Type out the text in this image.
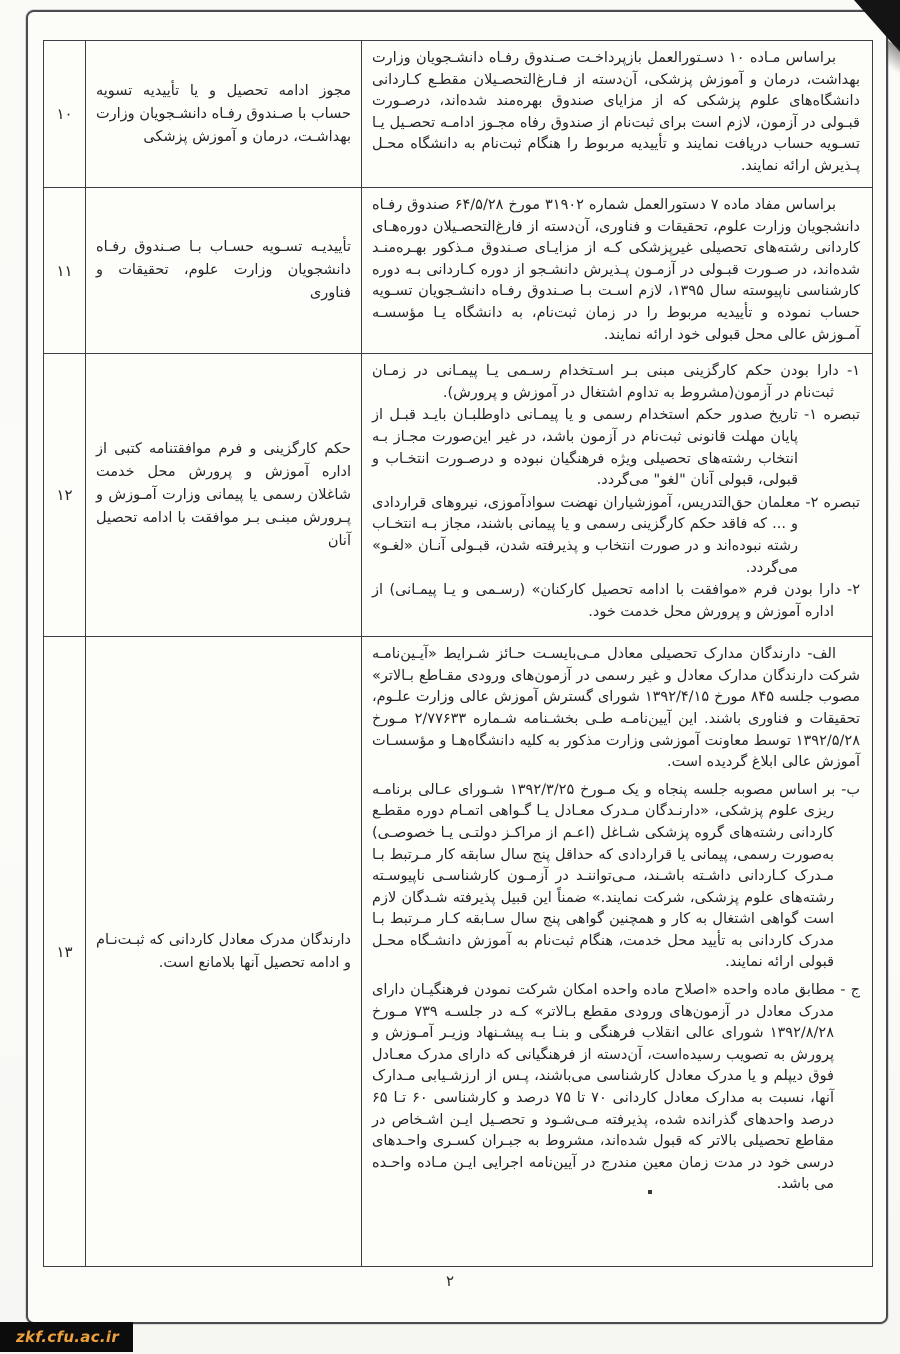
۱۰
مجوز ادامه تحصیل و یا تأییدیه تسویه حساب با صـندوق رفـاه دانشـجویان وزارت بهداشـت، درمان و آموزش پزشکی

براساس مـاده ۱۰ دسـتورالعمل بازپرداخـت صـندوق رفـاه دانشـجویان وزارت بهداشت، درمان و آموزش پزشکی، آن‌دسته از فـارغ‌التحصـیلان مقطـع کـاردانی دانشگاه‌های علوم پزشکی که از مزایای صندوق بهره‌مند شده‌اند، درصـورت قبـولی در آزمون، لازم است برای ثبت‌نام از صندوق رفاه مجـوز ادامـه تحصـیل یـا تسـویه حساب دریافت نمایند و تأییدیه مربوط را هنگام ثبت‌نام به دانشگاه محـل پـذیرش ارائه نمایند.

۱۱
تأییدیـه تسـویه حسـاب بـا صـندوق رفـاه دانشجویان وزارت علوم، تحقیقات و فناوری

براساس مفاد ماده ۷ دستورالعمل شماره ۳۱۹۰۲ مورخ ۶۴/۵/۲۸ صندوق رفـاه دانشجویان وزارت علوم، تحقیقات و فناوری، آن‌دسته از فارغ‌التحصـیلان دوره‌هـای کاردانی رشته‌های تحصیلی غیرپزشکی کـه از مزایـای صـندوق مـذکور بهـره‌منـد شده‌اند، در صـورت قبـولی در آزمـون پـذیرش دانشـجو از دوره کـاردانی بـه دوره کارشناسی ناپیوسته سال ۱۳۹۵، لازم اسـت بـا صـندوق رفـاه دانشـجویان تسـویه حساب نموده و تأییدیه مربوط را در زمان ثبت‌نام، به دانشگاه یـا مؤسسـه آمـوزش عالی محل قبولی خود ارائه نمایند.

۱۲
حکم کارگزینی و فرم موافقتنامه کتبی از اداره آموزش و پرورش محل خدمت شاغلان رسمی یا پیمانی وزارت آمـوزش و پـرورش مبنـی بـر موافقت با ادامه تحصیل آنان

۱- دارا بودن حکم کارگزینی مبنی بـر اسـتخدام رسـمی یـا پیمـانی در زمـان ثبت‌نام در آزمون(مشروط به تداوم اشتغال در آموزش و پرورش).

تبصره ۱- تاریخ صدور حکم استخدام رسمی و یا پیمـانی داوطلبـان بایـد قبـل از پایان مهلت قانونی ثبت‌نام در آزمون باشد، در غیر این‌صورت مجـاز بـه انتخاب رشته‌های تحصیلی ویژه فرهنگیان نبوده و درصـورت انتخـاب و قبولی، قبولی آنان "لغو" می‌گردد.

تبصره ۲- معلمان حق‌التدریس، آموزشیاران نهضت سوادآموزی، نیروهای قراردادی و ... که فاقد حکم کارگزینی رسمی و یا پیمانی باشند، مجاز بـه انتخـاب رشته نبوده‌اند و در صورت انتخاب و پذیرفته شدن، قبـولی آنـان «لغـو» می‌گردد.

۲- دارا بودن فرم «موافقت با ادامه تحصیل کارکنان» (رسـمی و یـا پیمـانی) از اداره آموزش و پرورش محل خدمت خود.

۱۳
دارندگان مدرک معادل کاردانی که ثبـت‌نـام و ادامه تحصیل آنها بلامانع است.

الف- دارندگان مدارک تحصیلی معادل مـی‌بایسـت حـائز شـرایط «آیـین‌نامـه شرکت دارندگان مدارک معادل و غیر رسمی در آزمون‌های ورودی مقـاطع بـالاتر» مصوب جلسه ۸۴۵ مورخ ۱۳۹۲/۴/۱۵ شورای گسترش آموزش عالی وزارت علـوم، تحقیقات و فناوری باشند. این آیین‌نامـه طـی بخشـنامه شـماره ۲/۷۷۶۳۳ مـورخ ۱۳۹۲/۵/۲۸ توسط معاونت آموزشی وزارت مذکور به کلیه دانشگاه‌هـا و مؤسسـات آموزش عالی ابلاغ گردیده است.

ب- بر اساس مصوبه جلسه پنجاه و یک مـورخ ۱۳۹۲/۳/۲۵ شـورای عـالی برنامـه ریزی علوم پزشکی، «دارنـدگان مـدرک معـادل یـا گـواهی اتمـام دوره مقطـع کاردانی رشته‌های گروه پزشکی شـاغل (اعـم از مراکـز دولتـی یـا خصوصـی) به‌صورت رسمی، پیمانی یا قراردادی که حداقل پنج سال سابقه کار مـرتبط بـا مـدرک کـاردانی داشـته باشـند، مـی‌تواننـد در آزمـون کارشناسـی ناپیوسـته رشته‌های علوم پزشکی، شرکت نمایند.» ضمناً این قبیل پذیرفته شـدگان لازم است گواهی اشتغال به کار و همچنین گواهی پنج سال سـابقه کـار مـرتبط بـا مدرک کاردانی به تأیید محل خدمت، هنگام ثبت‌نام به آموزش دانشـگاه محـل قبولی ارائه نمایند.

ج - مطابق ماده واحده «اصلاح ماده واحده امکان شرکت نمودن فرهنگیـان دارای مدرک معادل در آزمون‌های ورودی مقطع بـالاتر» کـه در جلسـه ۷۳۹ مـورخ ۱۳۹۲/۸/۲۸ شورای عالی انقلاب فرهنگی و بنـا بـه پیشـنهاد وزیـر آمـوزش و پرورش به تصویب رسیده‌است، آن‌دسته از فرهنگیانی که دارای مدرک معـادل فوق دیپلم و یا مدرک معادل کارشناسی می‌باشند، پـس از ارزشـیابی مـدارک آنها، نسبت به مدارک معادل کاردانی ۷۰ تا ۷۵ درصد و کارشناسی ۶۰ تـا ۶۵ درصد واحدهای گذرانده شده، پذیرفته مـی‌شـود و تحصـیل ایـن اشـخاص در مقاطع تحصیلی بالاتر که قبول شده‌اند، مشروط به جبـران کسـری واحـدهای درسی خود در مدت زمان معین مندرج در آیین‌نامه اجرایی ایـن مـاده واحـده می باشد.

۲
zkf.cfu.ac.ir
